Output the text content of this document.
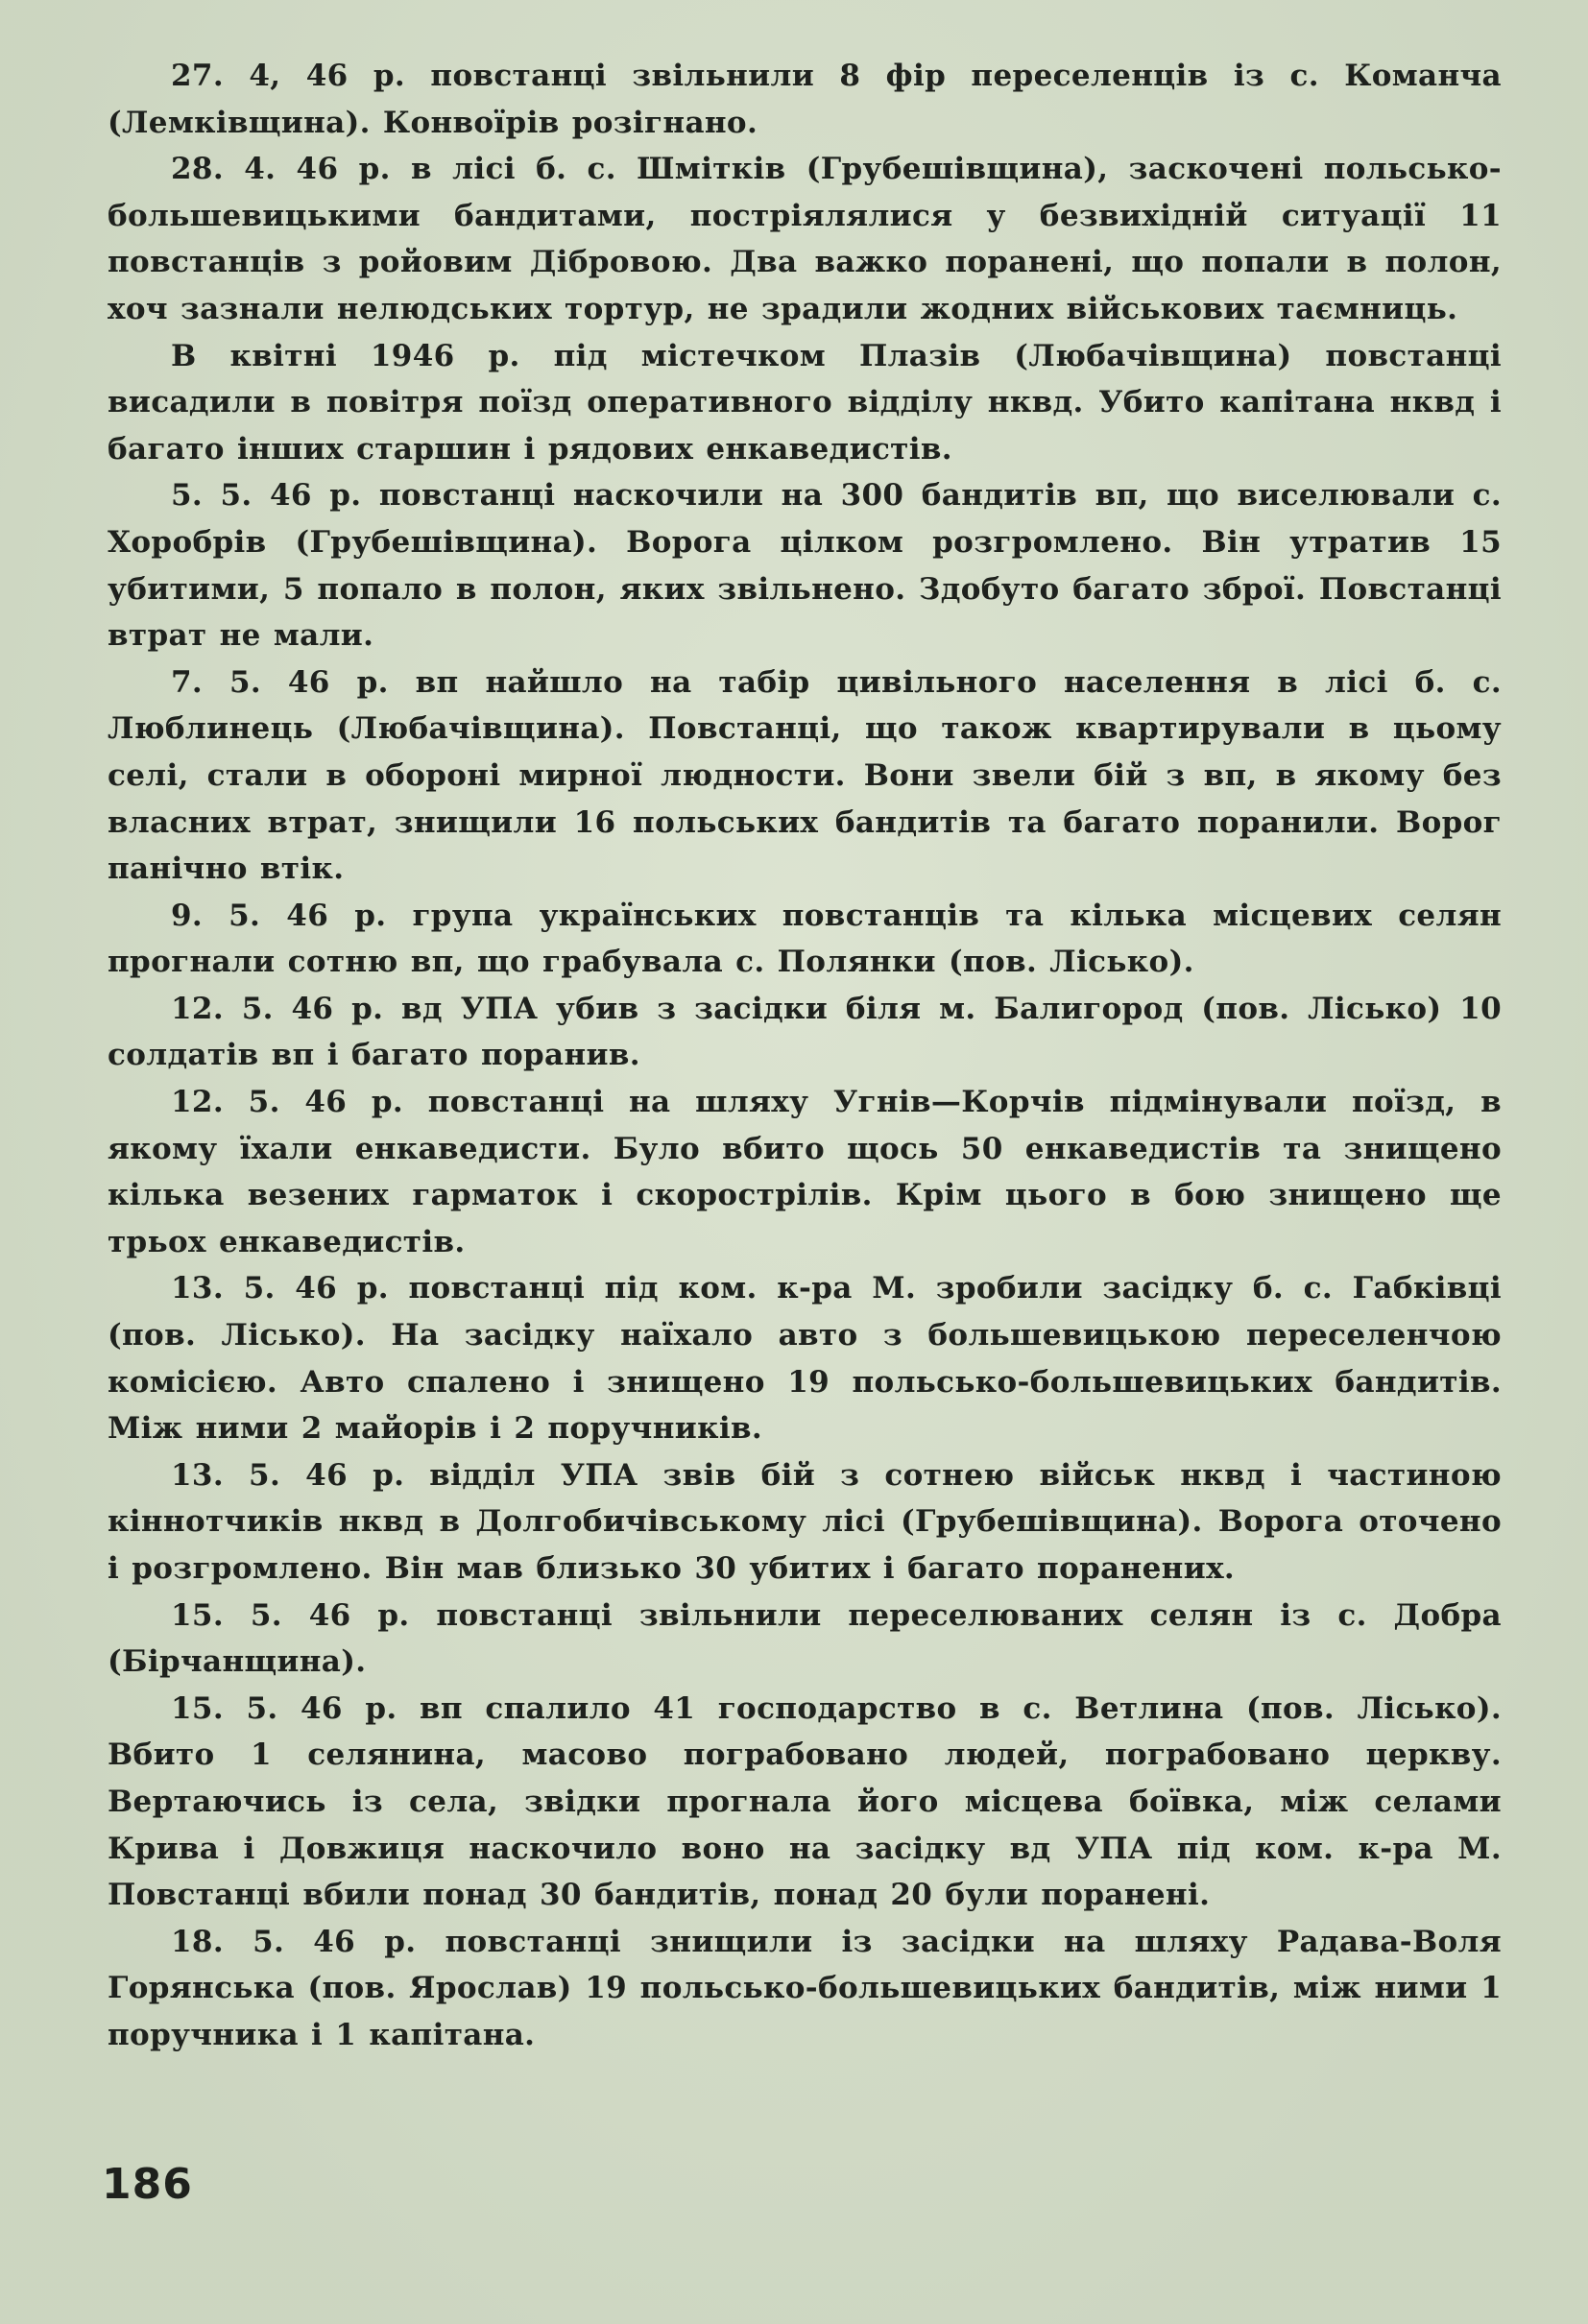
27. 4, 46 р. повстанці звільнили 8 фір переселенців із с. Команча (Лемківщина). Конвоїрів розігнано.

28. 4. 46 р. в лісі б. с. Шмітків (Грубешівщина), заскочені польсько-большевицькими бандитами, постріялялися у безвихідній ситуації 11 повстанців з ройовим Дібровою. Два важко поранені, що попали в полон, хоч зазнали нелюдських тортур, не зрадили жодних військових таємниць.

В квітні 1946 р. під містечком Плазів (Любачівщина) повстанці висадили в повітря поїзд оперативного відділу нквд. Убито капітана нквд і багато інших старшин і рядових енкаведистів.

5. 5. 46 р. повстанці наскочили на 300 бандитів вп, що виселювали с. Хоробрів (Грубешівщина). Ворога цілком розгромлено. Він утратив 15 убитими, 5 попало в полон, яких звільнено. Здобуто багато зброї. Повстанці втрат не мали.

7. 5. 46 р. вп найшло на табір цивільного населення в лісі б. с. Люблинець (Любачівщина). Повстанці, що також квартирували в цьому селі, стали в обороні мирної людности. Вони звели бій з вп, в якому без власних втрат, знищили 16 польських бандитів та багато поранили. Ворог панічно втік.

9. 5. 46 р. група українських повстанців та кілька місцевих селян прогнали сотню вп, що грабувала с. Полянки (пов. Лісько).

12. 5. 46 р. вд УПА убив з засідки біля м. Балигород (пов. Лісько) 10 солдатів вп і багато поранив.

12. 5. 46 р. повстанці на шляху Угнів—Корчів підмінували поїзд, в якому їхали енкаведисти. Було вбито щось 50 енкаведистів та знищено кілька везених гарматок і скорострілів. Крім цього в бою знищено ще трьох енкаведистів.

13. 5. 46 р. повстанці під ком. к-ра М. зробили засідку б. с. Габківці (пов. Лісько). На засідку наїхало авто з большевицькою переселенчою комісією. Авто спалено і знищено 19 польсько-большевицьких бандитів. Між ними 2 майорів і 2 поручників.

13. 5. 46 р. відділ УПА звів бій з сотнею військ нквд і частиною кіннотчиків нквд в Долгобичівському лісі (Грубешівщина). Ворога оточено і розгромлено. Він мав близько 30 убитих і багато поранених.

15. 5. 46 р. повстанці звільнили переселюваних селян із с. Добра (Бірчанщина).

15. 5. 46 р. вп спалило 41 господарство в с. Ветлина (пов. Лісько). Вбито 1 селянина, масово пограбовано людей, пограбовано церкву. Вертаючись із села, звідки прогнала його місцева боївка, між селами Крива і Довжиця наскочило воно на засідку вд УПА під ком. к-ра М. Повстанці вбили понад 30 бандитів, понад 20 були поранені.

18. 5. 46 р. повстанці знищили із засідки на шляху Радава-Воля Горянська (пов. Ярослав) 19 польсько-большевицьких бандитів, між ними 1 поручника і 1 капітана.

186
